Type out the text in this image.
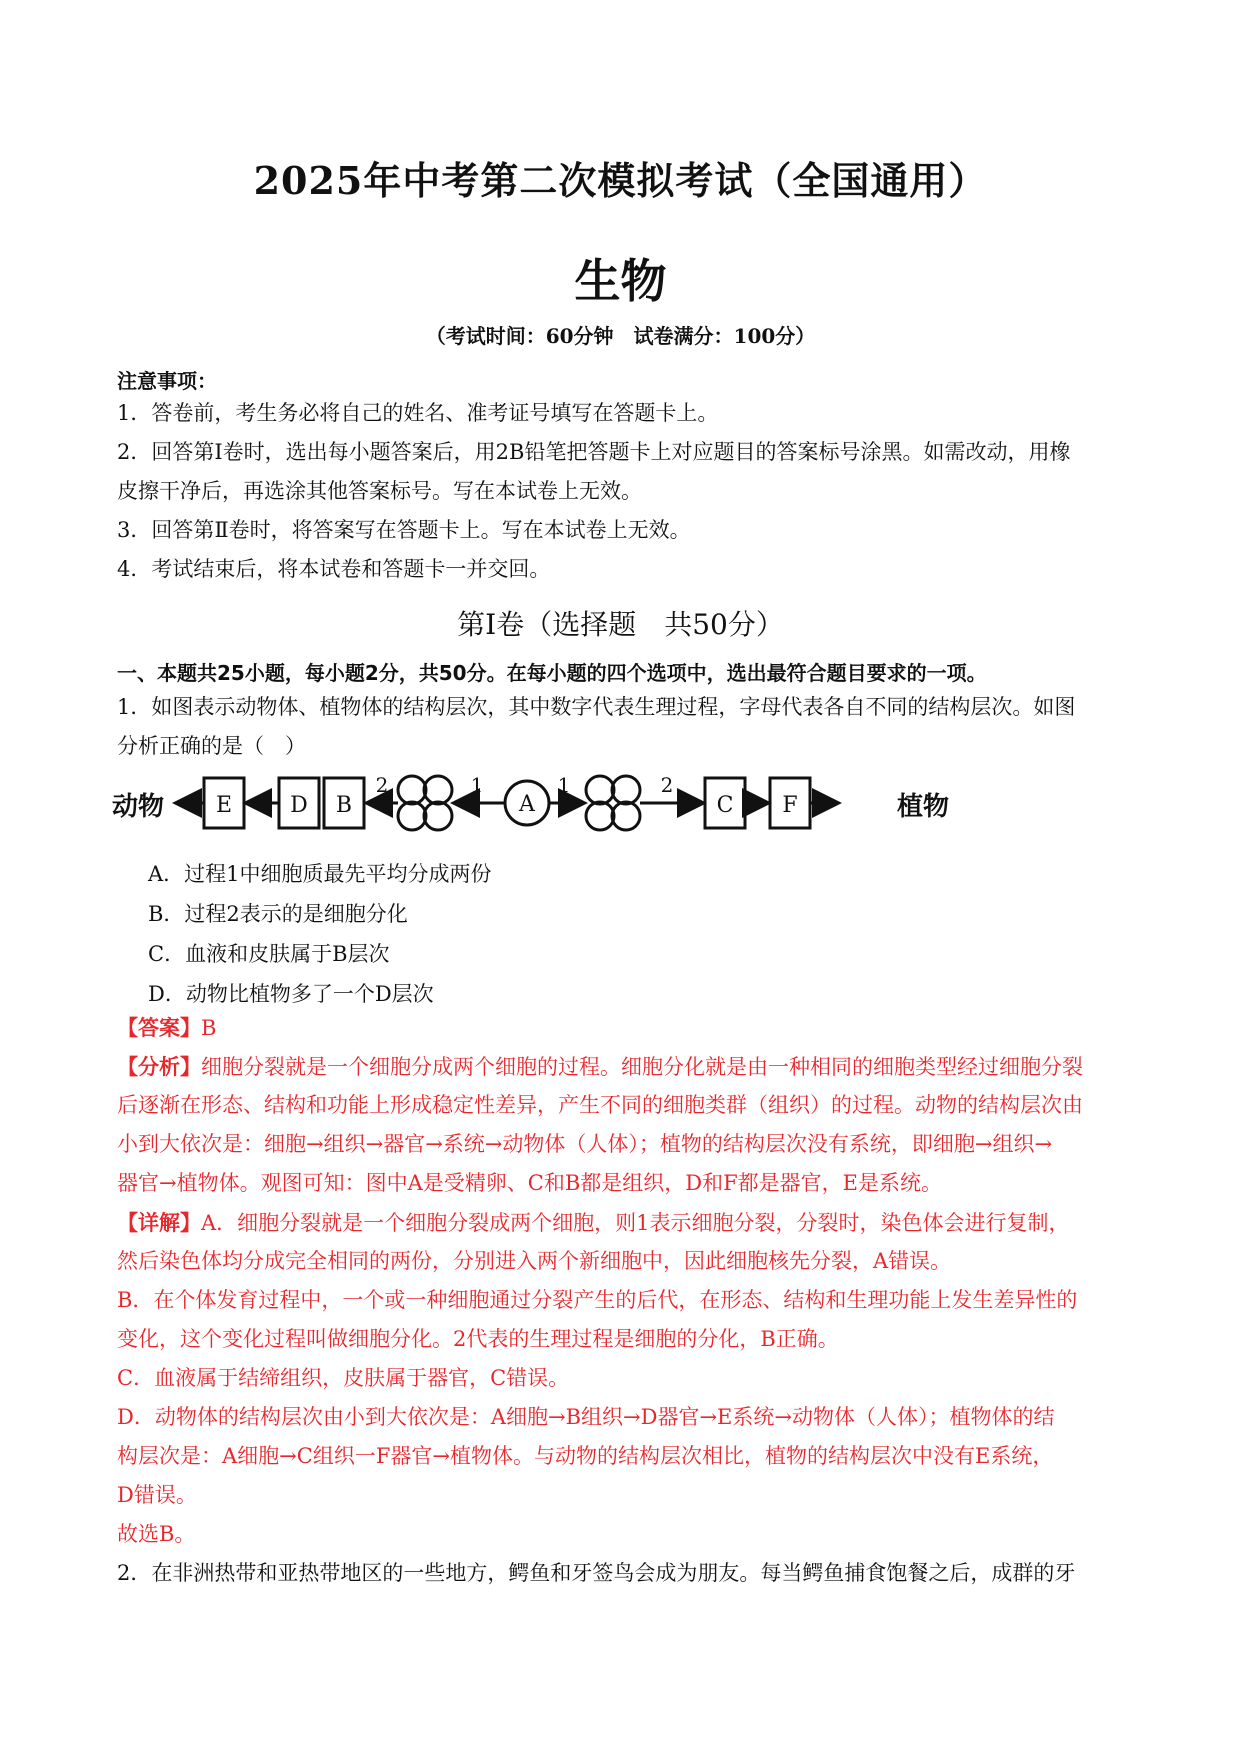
2025年中考第二次模拟考试（全国通用）
生物
（考试时间：60分钟　试卷满分：100分）
注意事项：
1．答卷前，考生务必将自己的姓名、准考证号填写在答题卡上。
2．回答第Ⅰ卷时，选出每小题答案后，用2B铅笔把答题卡上对应题目的答案标号涂黑。如需改动，用橡
皮擦干净后，再选涂其他答案标号。写在本试卷上无效。
3．回答第Ⅱ卷时，将答案写在答题卡上。写在本试卷上无效。
4．考试结束后，将本试卷和答题卡一并交回。
第Ⅰ卷（选择题　共50分）
一、本题共25小题，每小题2分，共50分。在每小题的四个选项中，选出最符合题目要求的一项。
1．如图表示动物体、植物体的结构层次，其中数字代表生理过程，字母代表各自不同的结构层次。如图
分析正确的是（　）
动物	植物
E	D B	C F
A
2	1	1	2
A．过程1中细胞质最先平均分成两份
B．过程2表示的是细胞分化
C．血液和皮肤属于B层次
D．动物比植物多了一个D层次
【答案】B
【分析】细胞分裂就是一个细胞分成两个细胞的过程。细胞分化就是由一种相同的细胞类型经过细胞分裂
后逐渐在形态、结构和功能上形成稳定性差异，产生不同的细胞类群（组织）的过程。动物的结构层次由
小到大依次是：细胞→组织→器官→系统→动物体（人体）；植物的结构层次没有系统，即细胞→组织→
器官→植物体。观图可知：图中A是受精卵、C和B都是组织，D和F都是器官，E是系统。
【详解】A．细胞分裂就是一个细胞分裂成两个细胞，则1表示细胞分裂，分裂时，染色体会进行复制，
然后染色体均分成完全相同的两份，分别进入两个新细胞中，因此细胞核先分裂，A错误。
B．在个体发育过程中，一个或一种细胞通过分裂产生的后代，在形态、结构和生理功能上发生差异性的
变化，这个变化过程叫做细胞分化。2代表的生理过程是细胞的分化，B正确。
C．血液属于结缔组织，皮肤属于器官，C错误。
D．动物体的结构层次由小到大依次是：A细胞→B组织→D器官→E系统→动物体（人体）；植物体的结
构层次是：A细胞→C组织一F器官→植物体。与动物的结构层次相比，植物的结构层次中没有E系统，
D错误。
故选B。
2．在非洲热带和亚热带地区的一些地方，鳄鱼和牙签鸟会成为朋友。每当鳄鱼捕食饱餐之后，成群的牙
